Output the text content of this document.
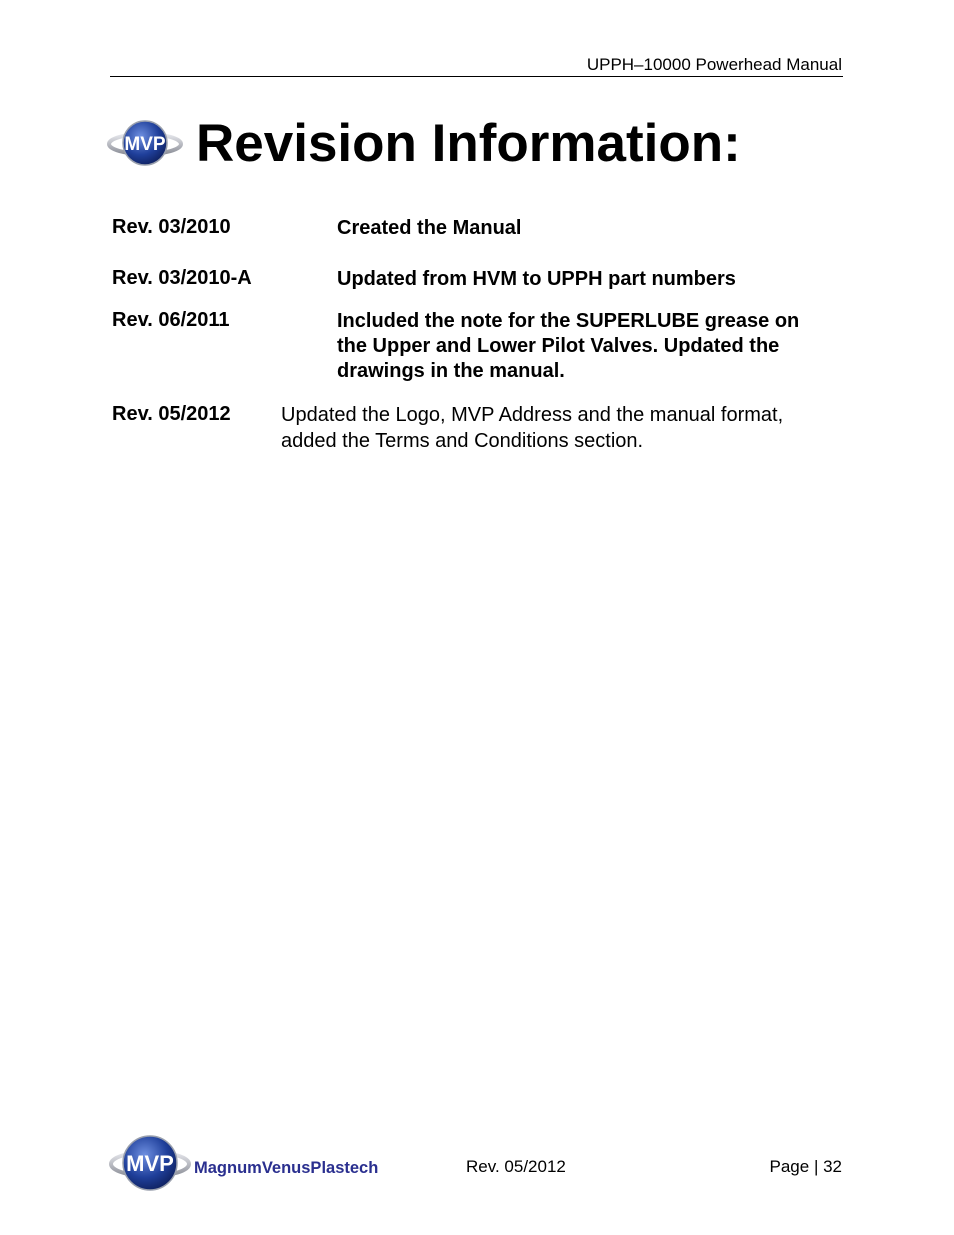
UPPH–10000 Powerhead Manual
MVP Revision Information:
Rev. 03/2010	Created the Manual
Rev. 03/2010-A	Updated from HVM to UPPH part numbers
Rev. 06/2011	Included the note for the SUPERLUBE grease on
the Upper and Lower Pilot Valves. Updated the
drawings in the manual.
Rev. 05/2012	Updated the Logo, MVP Address and the manual format,
added the Terms and Conditions section.
MVP MagnumVenusPlastech	Rev. 05/2012	Page | 32
